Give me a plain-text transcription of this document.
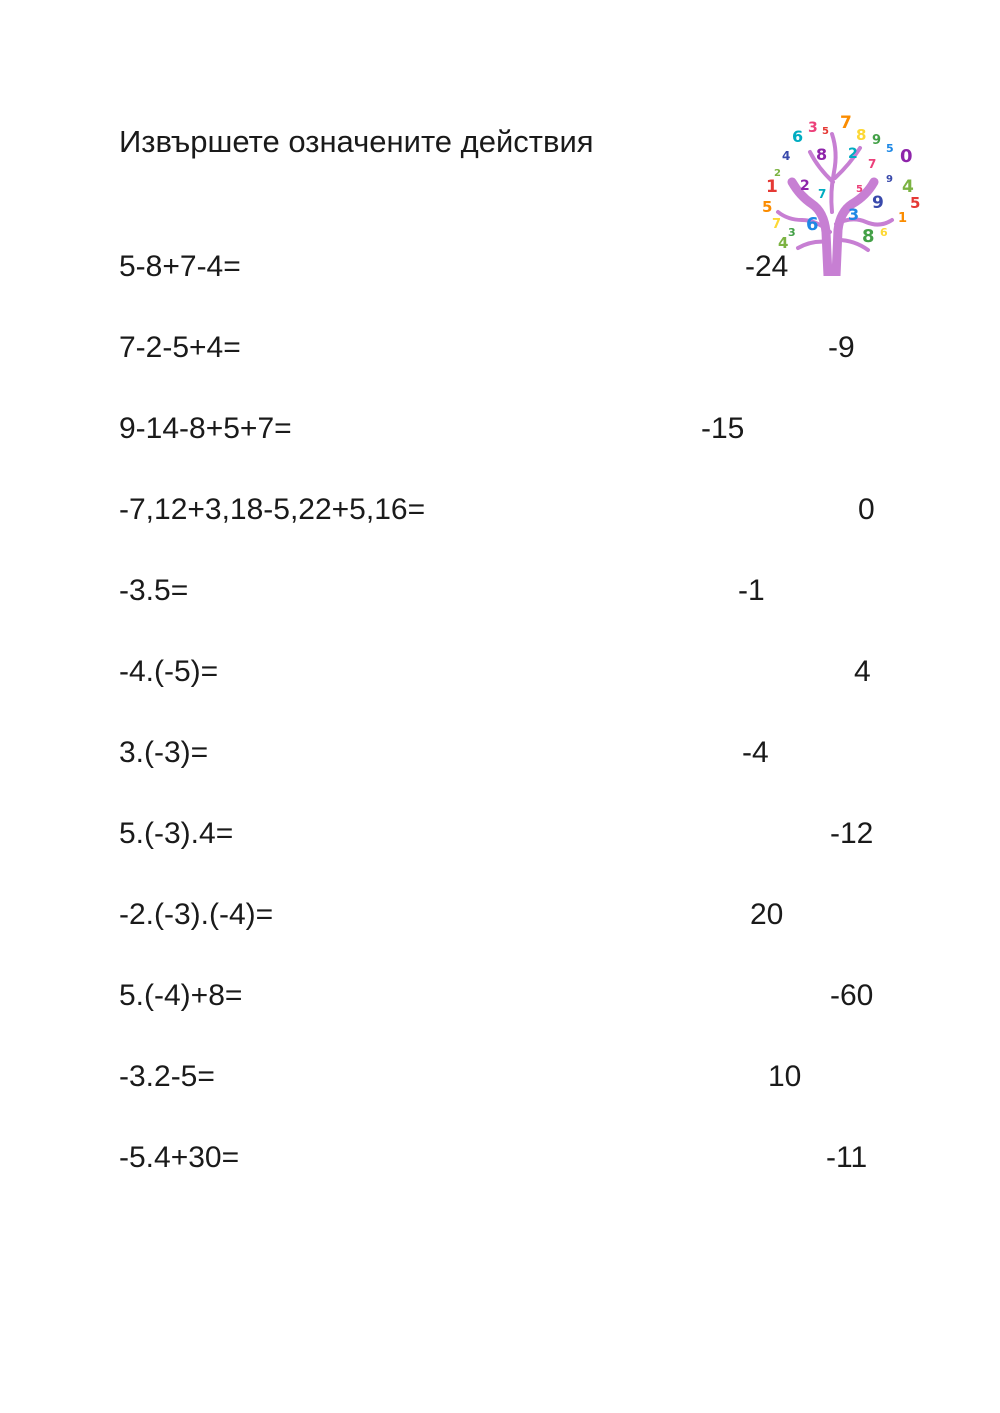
Извършете означените действия	5 7
8 9
5 0
6 3
4
2
1
5
7
3 6
8 2
7
9 4
5
1
6
8
3
2 7	5
9
4
5-8+7-4=
7-2-5+4=
9-14-8+5+7=
-7,12+3,18-5,22+5,16=
-3.5=
-4.(-5)=
3.(-3)=
5.(-3).4=
-2.(-3).(-4)=
5.(-4)+8=
-3.2-5=
-5.4+30=
-24
-9
-15
0
-1
4
-4
-12
20
-60
10
-11
